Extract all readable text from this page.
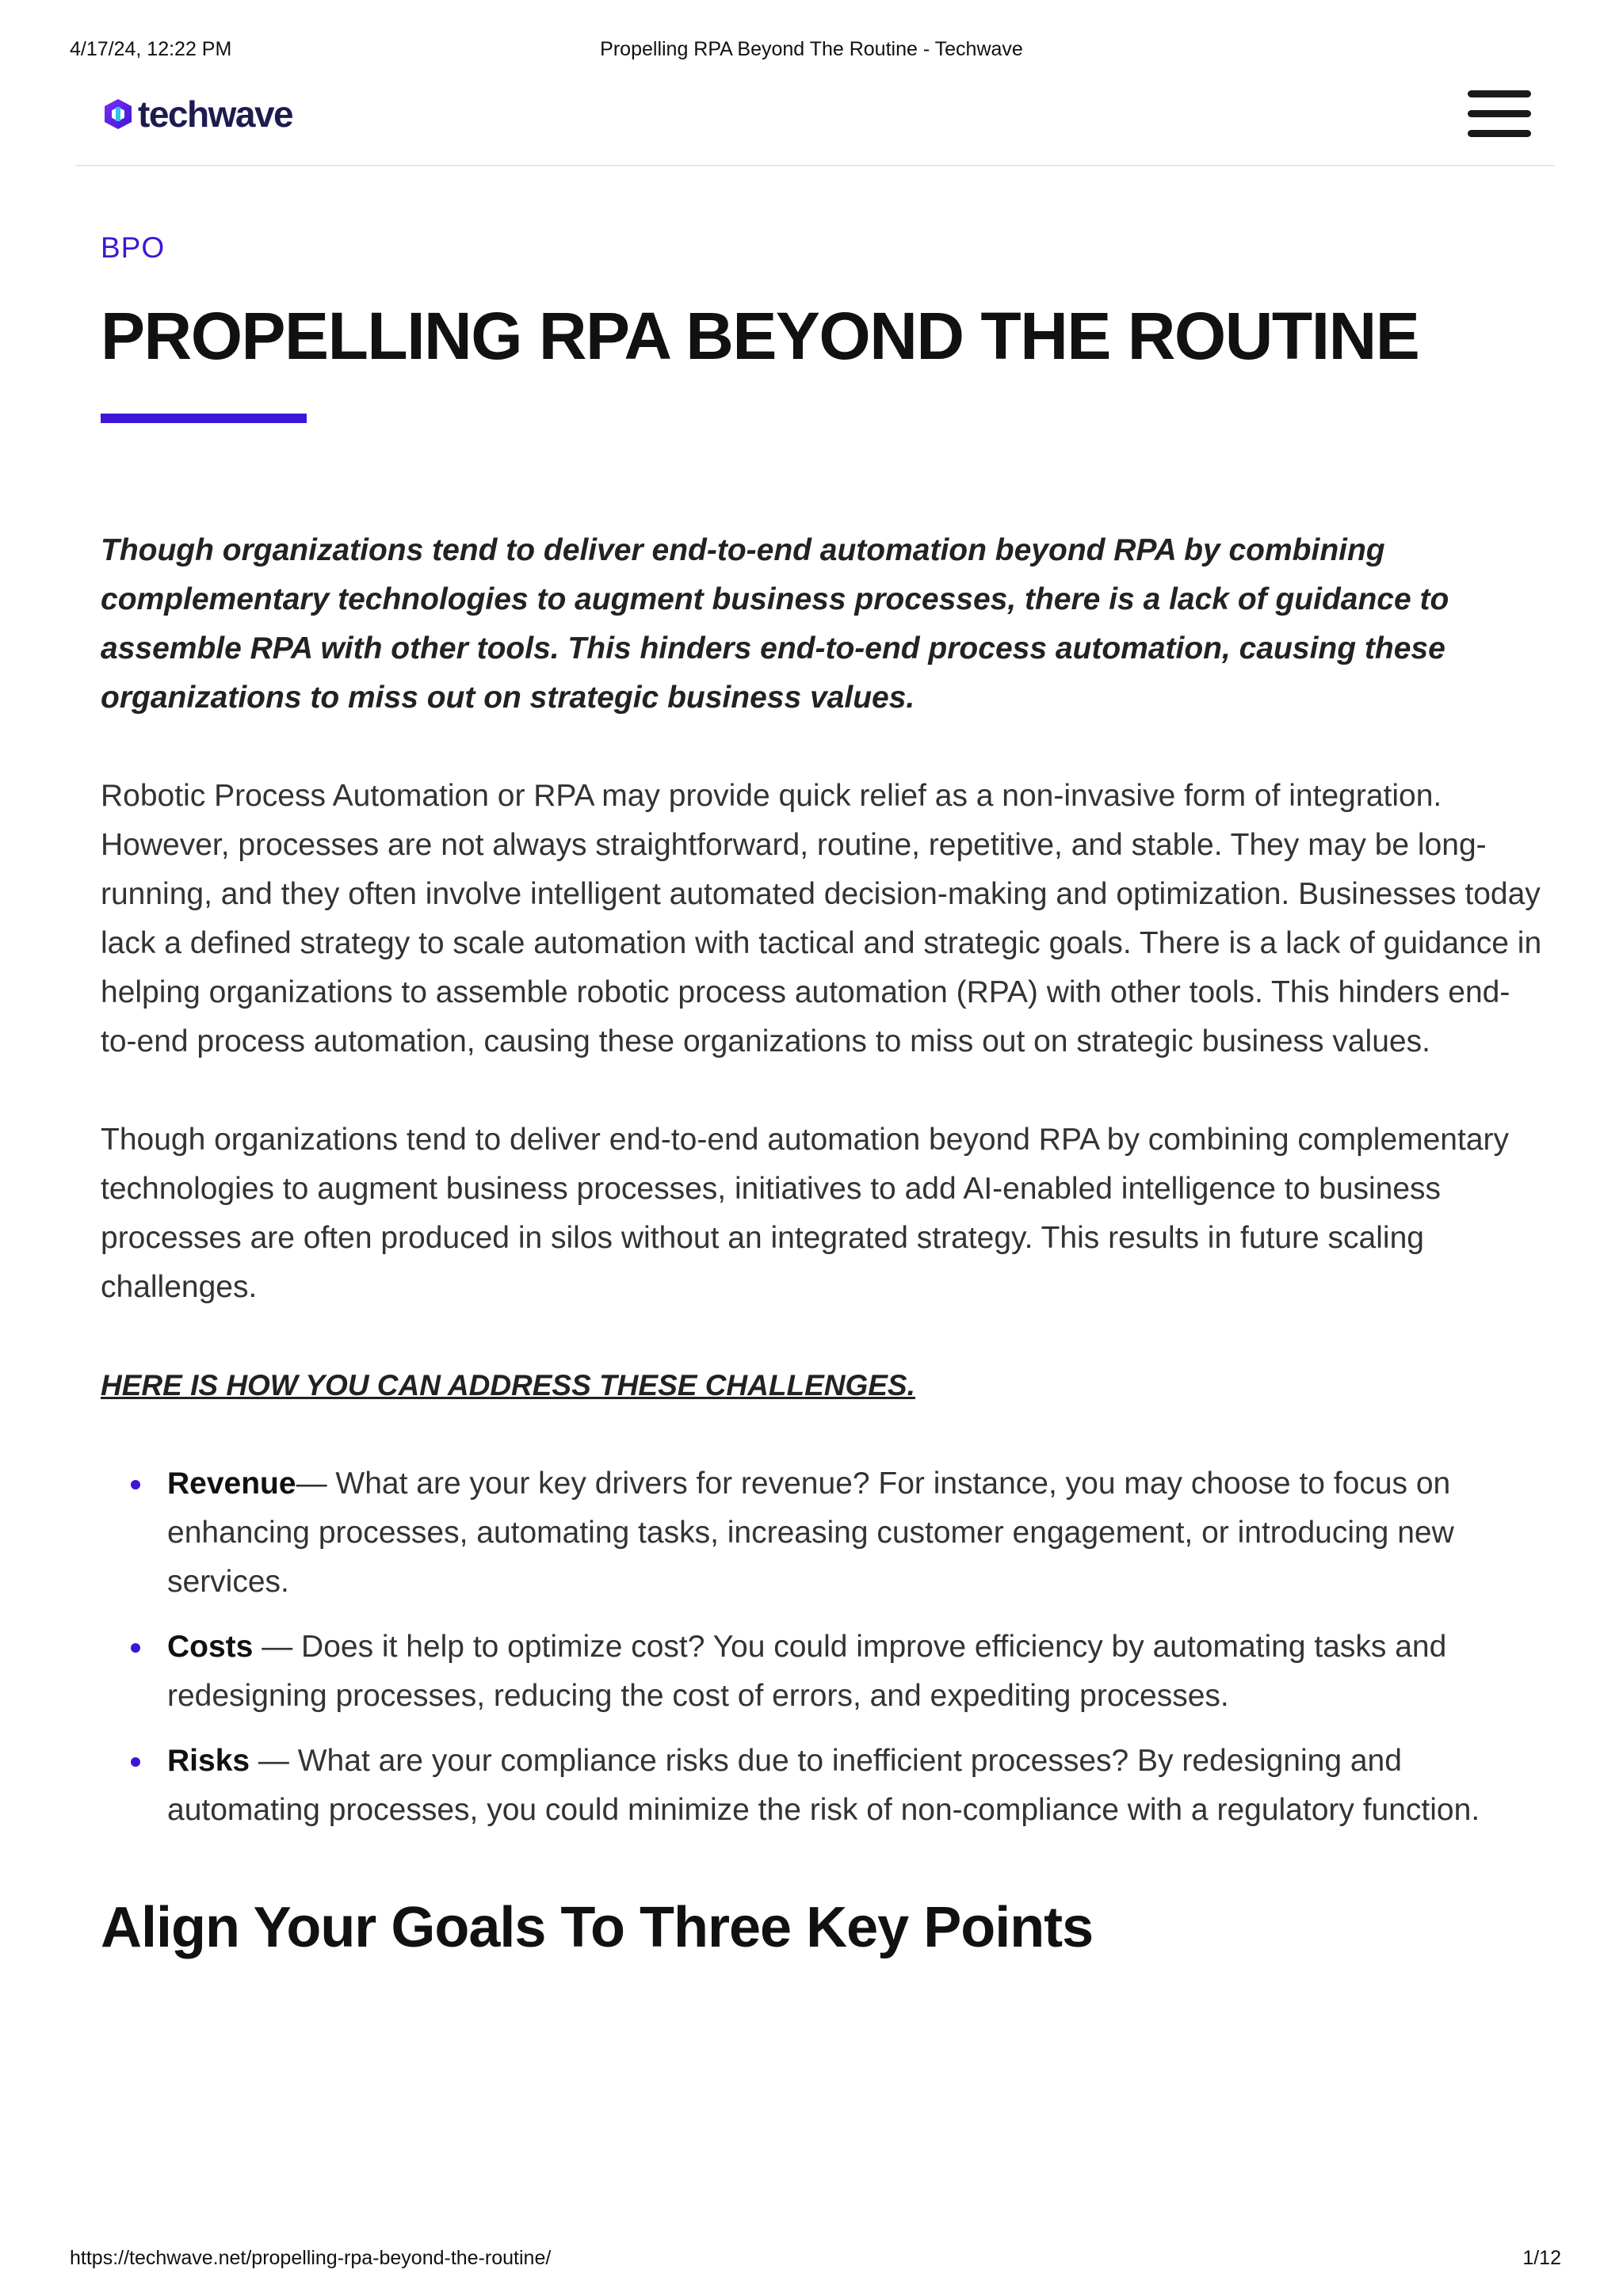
4/17/24, 12:22 PM	Propelling RPA Beyond The Routine - Techwave
techwave
BPO
PROPELLING RPA BEYOND THE ROUTINE

Though organizations tend to deliver end-to-end automation beyond RPA by combining complementary technologies to augment business processes, there is a lack of guidance to assemble RPA with other tools. This hinders end-to-end process automation, causing these organizations to miss out on strategic business values.

Robotic Process Automation or RPA may provide quick relief as a non-invasive form of integration. However, processes are not always straightforward, routine, repetitive, and stable. They may be long-running, and they often involve intelligent automated decision-making and optimization. Businesses today lack a defined strategy to scale automation with tactical and strategic goals. There is a lack of guidance in helping organizations to assemble robotic process automation (RPA) with other tools. This hinders end-to-end process automation, causing these organizations to miss out on strategic business values.

Though organizations tend to deliver end-to-end automation beyond RPA by combining complementary technologies to augment business processes, initiatives to add AI-enabled intelligence to business processes are often produced in silos without an integrated strategy. This results in future scaling challenges.

HERE IS HOW YOU CAN ADDRESS THESE CHALLENGES.

Revenue— What are your key drivers for revenue? For instance, you may choose to focus on enhancing processes, automating tasks, increasing customer engagement, or introducing new services.
Costs — Does it help to optimize cost? You could improve efficiency by automating tasks and redesigning processes, reducing the cost of errors, and expediting processes.
Risks — What are your compliance risks due to inefficient processes? By redesigning and automating processes, you could minimize the risk of non-compliance with a regulatory function.
Align Your Goals To Three Key Points
https://techwave.net/propelling-rpa-beyond-the-routine/	1/12
